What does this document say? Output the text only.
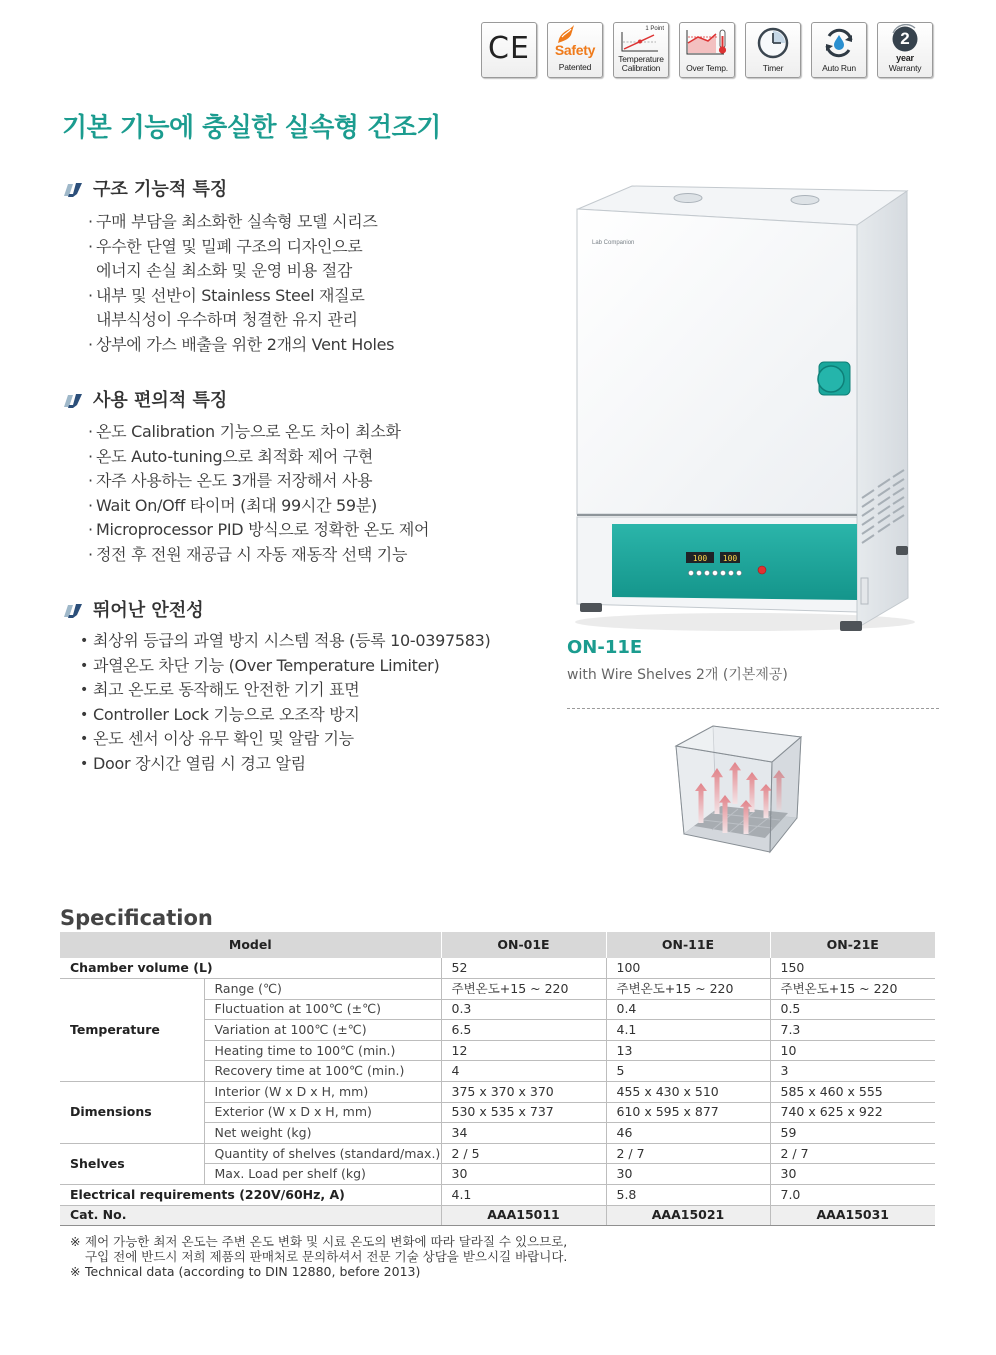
CE	Safety
Patented
1 Point
Temperature
Calibration	Over Temp.	Timer	Auto Run
2
year
Warranty
기본 기능에 충실한 실속형 건조기
구조 기능적 특징
· 구매 부담을 최소화한 실속형 모델 시리즈
· 우수한 단열 및 밀폐 구조의 디자인으로
에너지 손실 최소화 및 운영 비용 절감
· 내부 및 선반이 Stainless Steel 재질로
내부식성이 우수하며 청결한 유지 관리
· 상부에 가스 배출을 위한 2개의 Vent Holes
사용 편의적 특징
· 온도 Calibration 기능으로 온도 차이 최소화
· 온도 Auto-tuning으로 최적화 제어 구현
· 자주 사용하는 온도 3개를 저장해서 사용
· Wait On/Off 타이머 (최대 99시간 59분)
· Microprocessor PID 방식으로 정확한 온도 제어
· 정전 후 전원 재공급 시 자동 재동작 선택 기능
뛰어난 안전성
• 최상위 등급의 과열 방지 시스템 적용 (등록 10-0397583)
• 과열온도 차단 기능 (Over Temperature Limiter)
• 최고 온도로 동작해도 안전한 기기 표면
• Controller Lock 기능으로 오조작 방지
• 온도 센서 이상 유무 확인 및 알람 기능
• Door 장시간 열림 시 경고 알림
Lab Companion
100 100
ON-11E
with Wire Shelves 2개 (기본제공)
Specification
Model		ON-01E	ON-11E	ON-21E
Chamber volume (L)		52	100	150
Temperature	Range (℃)	주변온도+15 ~ 220	주변온도+15 ~ 220	주변온도+15 ~ 220
	Fluctuation at 100℃ (±℃)	0.3	0.4	0.5
	Variation at 100℃ (±℃)	6.5	4.1	7.3
	Heating time to 100℃ (min.)	12	13	10
	Recovery time at 100℃ (min.)	4	5	3
Dimensions	Interior (W x D x H, mm)	375 x 370 x 370	455 x 430 x 510	585 x 460 x 555
	Exterior (W x D x H, mm)	530 x 535 x 737	610 x 595 x 877	740 x 625 x 922
	Net weight (kg)	34	46	59
Shelves	Quantity of shelves (standard/max.)	2 / 5	2 / 7	2 / 7
	Max. Load per shelf (kg)	30	30	30
Electrical requirements (220V/60Hz, A)		4.1	5.8	7.0
Cat. No.		AAA15011	AAA15021	AAA15031
※ 제어 가능한 최저 온도는 주변 온도 변화 및 시료 온도의 변화에 따라 달라질 수 있으므로,
구입 전에 반드시 저희 제품의 판매처로 문의하셔서 전문 기술 상담을 받으시길 바랍니다.
※ Technical data (according to DIN 12880, before 2013)
